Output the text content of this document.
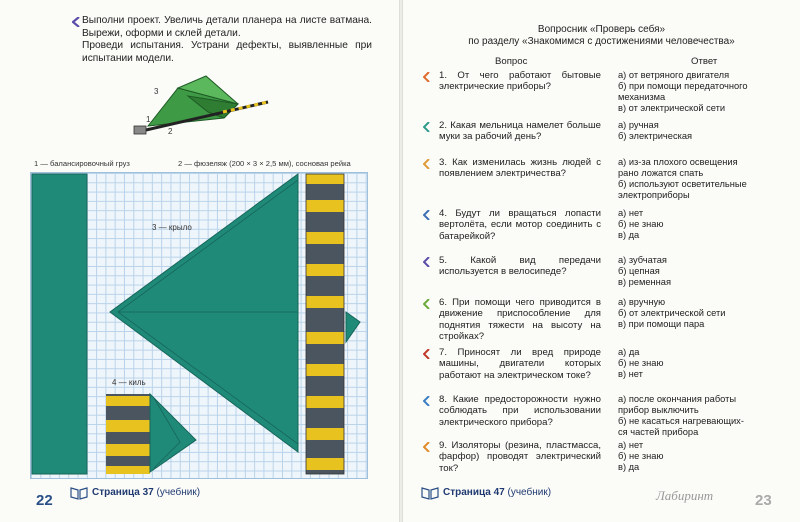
Выполни проект. Увеличь детали планера на листе ватмана. Вырежи, оформи и склей детали.

Проведи испытания. Устрани дефекты, выявленные при испытании модели.

3
1
2
1 — балансировочный груз	2 — фюзеляж (200 × 3 × 2,5 мм), сосновая рейка
3 — крыло
4 — киль
22	Страница 37 (учебник)
Вопросник «Проверь себя»
по разделу «Знакомимся с достижениями человечества»
Вопрос	Ответ
1. От чего работают бытовые электрические приборы?
а) от ветряного двигателя
б) при помощи передаточного
механизма
в) от электрической сети
2. Какая мельница намелет больше муки за рабочий день?
а) ручная
б) электрическая
3. Как изменилась жизнь людей с появлением электричества?
а) из-за плохого освещения
рано ложатся спать
б) используют осветительные
электроприборы
4. Будут ли вращаться лопасти вертолёта, если мотор соединить с батарейкой?
а) нет
б) не знаю
в) да
5. Какой вид передачи используется в велосипеде?
а) зубчатая
б) цепная
в) ременная
6. При помощи чего приводится в движение приспособление для поднятия тяжести на высоту на стройках?
а) вручную
б) от электрической сети
в) при помощи пара
7. Приносят ли вред природе машины, двигатели которых работают на электрическом токе?
а) да
б) не знаю
в) нет
8. Какие предосторожности нужно соблюдать при использовании электрического прибора?
а) после окончания работы
прибор выключить
б) не касаться нагревающих-
ся частей прибора
9. Изоляторы (резина, пластмасса, фарфор) проводят электрический ток?
а) нет
б) не знаю
в) да
23
Страница 47 (учебник)	Лабиринт
